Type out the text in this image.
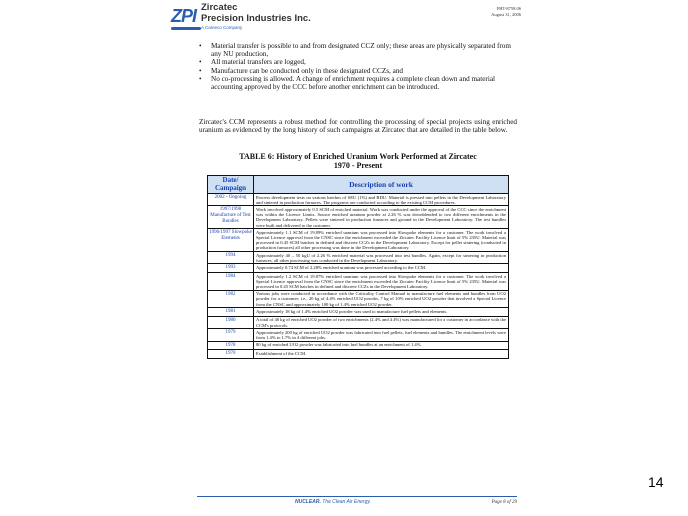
ZPI Zircatec
Precision Industries Inc.
A Cameco Company
FHT-8758.06
August 31, 2006
• Material transfer is possible to and from designated CCZ only; these areas are physically separated from any NU production,
• All material transfers are logged,
• Manufacture can be conducted only in these designated CCZs, and
• No co-processing is allowed. A change of enrichment requires a complete clean down and material accounting approved by the CCC before another enrichment can be introduced.

Zircatec's CCM represents a robust method for controlling the processing of special projects using enriched uranium as evidenced by the long history of such campaigns at Zircatec that are detailed in the table below.

TABLE 6: History of Enriched Uranium Work Performed at Zircatec
1970 - Present
Date/ Campaign	Description of work
2002 - Ongoing	Process development tests on various batches of SEU (1%) and BDU. Material is pressed into pellets in the Development Laboratory and sintered in production furnaces. The programs are conducted according to the existing CCM procedures.
1997/1998 Manufacture of Test Bundles	Work involved approximately 0.5 SCM of enriched material. Work was conducted under the approval of the CCC since the enrichment was within the Licence Limits. Source enriched uranium powder at 2.26 % was downblended to two different enrichments in the Development Laboratory. Pellets were sintered in production furnaces and ground in the Development Laboratory. The test bundles were built and delivered to the customer.
1996/1997 Slowpoke Elements	Approximately 1.1 SCM of 19.89% enriched uranium was processed into Slowpoke elements for a customer. The work involved a Special Licence approval from the CNSC since the enrichment exceeded the Zircatec Facility Licence limit of 5% 235U. Material was processed in 0.45 SCM batches in defined and discrete CCZs in the Development Laboratory. Except for pellet sintering (conducted in production furnaces) all other processing was done in the Development Laboratory.
1994	Approximately 40 – 50 kgU of 2.26 % enriched material was processed into test bundles. Again, except for sintering in production furnaces, all other processing was conducted in the Development Laboratory.
1993	Approximately 0.74 SCM of 2.28% enriched uranium was processed according to the CCM.
1984	Approximately 1.2 SCM of 19.87% enriched uranium was processed into Slowpoke elements for a customer. The work involved a Special Licence approval from the CNSC since the enrichment exceeded the Zircatec Facility Licence limit of 5% 235U. Material was processed in 0.45 SCM batches in defined and discrete CCZs in the Development Laboratory.
1982	Various jobs were conducted in accordance with the Criticality Control Manual to manufacture fuel elements and bundles from UO2 powder for a customer; i.e., 20 kg of 4.4% enriched UO2 powder, 7 kg of 10% enriched UO2 powder that involved a Special Licence from the CNSC and approximately 100 kg of 1.4% enriched UO2 powder.
1981	Approximately 18 kg of 1.4% enriched UO2 powder was used to manufacture fuel pellets and elements.
1980	A total of 40 kg of enriched UO2 powder of two enrichments (2.4% and 4.4%) was manufactured for a customer in accordance with the CCM's protocols.
1979	Approximately 200 kg of enriched UO2 powder was fabricated into fuel pellets, fuel elements and bundles. The enrichment levels were from 1.4% to 1.7% in 4 different jobs.
1978	80 kg of enriched UO2 powder was fabricated into fuel bundles at an enrichment of 1.4%.
1970	Establishment of the CCM.
NUCLEAR. The Clean Air Energy.	Page 8 of 29
14
